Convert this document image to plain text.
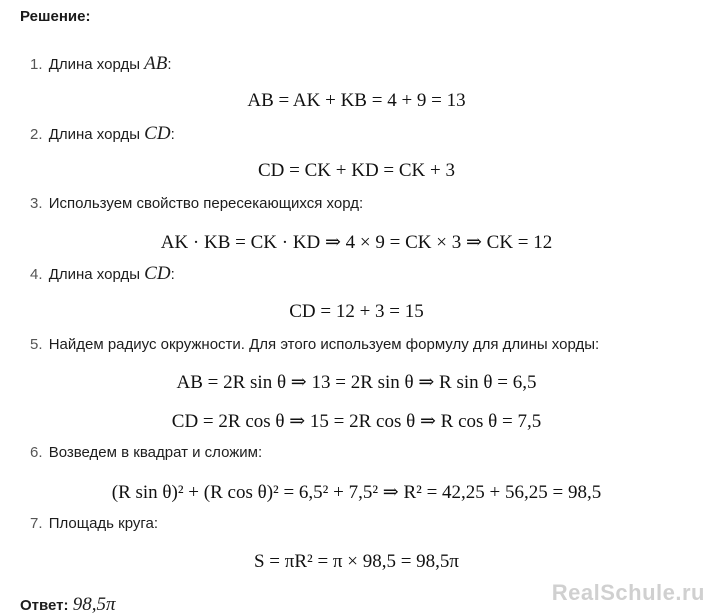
Решение:
1. Длина хорды AB:
AB = AK + KB = 4 + 9 = 13
2. Длина хорды CD:
CD = CK + KD = CK + 3
3. Используем свойство пересекающихся хорд:
AK · KB = CK · KD ⇒ 4 × 9 = CK × 3 ⇒ CK = 12
4. Длина хорды CD:
CD = 12 + 3 = 15
5. Найдем радиус окружности. Для этого используем формулу для длины хорды:
AB = 2R sin θ ⇒ 13 = 2R sin θ ⇒ R sin θ = 6,5
CD = 2R cos θ ⇒ 15 = 2R cos θ ⇒ R cos θ = 7,5
6. Возведем в квадрат и сложим:
(R sin θ)² + (R cos θ)² = 6,5² + 7,5² ⇒ R² = 42,25 + 56,25 = 98,5
7. Площадь круга:
S = πR² = π × 98,5 = 98,5π
Ответ: 98,5π	RealSchule.ru
